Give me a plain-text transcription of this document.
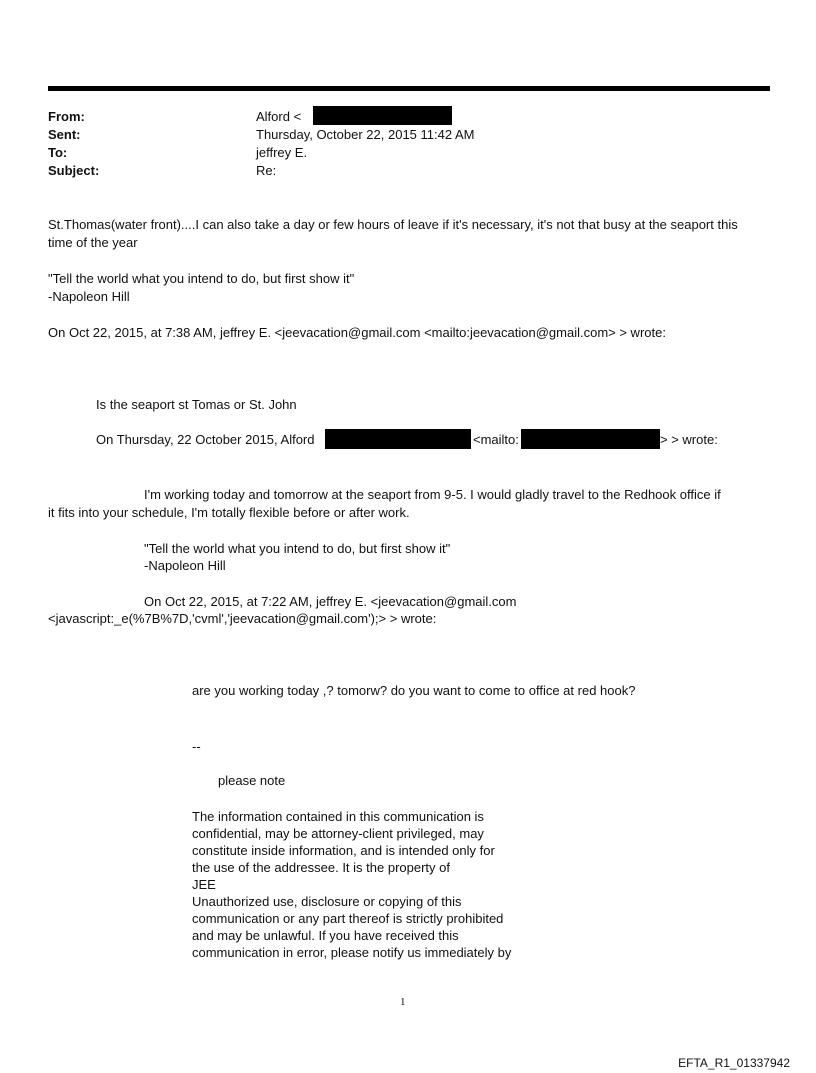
From:	Alford <
Sent:	Thursday, October 22, 2015 11:42 AM
To:	jeffrey E.
Subject:	Re:
St.Thomas(water front)....I can also take a day or few hours of leave if it's necessary, it's not that busy at the seaport this
time of the year
"Tell the world what you intend to do, but first show it"
-Napoleon Hill
On Oct 22, 2015, at 7:38 AM, jeffrey E. <jeevacation@gmail.com <mailto:jeevacation@gmail.com> > wrote:
Is the seaport st Tomas or St. John
On Thursday, 22 October 2015, Alford	<mailto:	> > wrote:
I'm working today and tomorrow at the seaport from 9-5. I would gladly travel to the Redhook office if
it fits into your schedule, I'm totally flexible before or after work.
"Tell the world what you intend to do, but first show it"
-Napoleon Hill
On Oct 22, 2015, at 7:22 AM, jeffrey E. <jeevacation@gmail.com
<javascript:_e(%7B%7D,'cvml','jeevacation@gmail.com');> > wrote:
are you working today ,? tomorw? do you want to come to office at red hook?
--
please note
The information contained in this communication is
confidential, may be attorney-client privileged, may
constitute inside information, and is intended only for
the use of the addressee. It is the property of
JEE
Unauthorized use, disclosure or copying of this
communication or any part thereof is strictly prohibited
and may be unlawful. If you have received this
communication in error, please notify us immediately by
1
EFTA_R1_01337942
